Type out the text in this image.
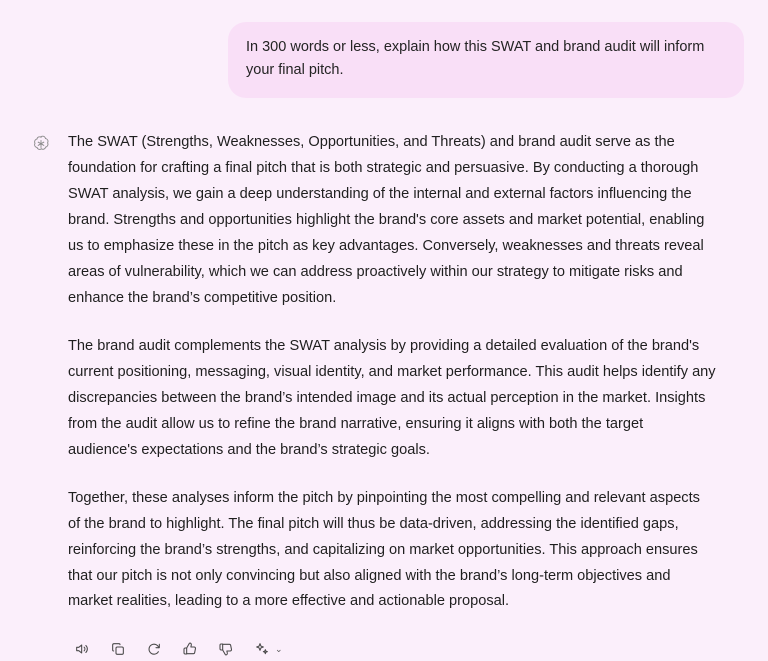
In 300 words or less, explain how this SWAT and brand audit will inform your final pitch.

The SWAT (Strengths, Weaknesses, Opportunities, and Threats) and brand audit serve as the foundation for crafting a final pitch that is both strategic and persuasive. By conducting a thorough SWAT analysis, we gain a deep understanding of the internal and external factors influencing the brand. Strengths and opportunities highlight the brand's core assets and market potential, enabling us to emphasize these in the pitch as key advantages. Conversely, weaknesses and threats reveal areas of vulnerability, which we can address proactively within our strategy to mitigate risks and enhance the brand’s competitive position.

The brand audit complements the SWAT analysis by providing a detailed evaluation of the brand's current positioning, messaging, visual identity, and market performance. This audit helps identify any discrepancies between the brand’s intended image and its actual perception in the market. Insights from the audit allow us to refine the brand narrative, ensuring it aligns with both the target audience's expectations and the brand’s strategic goals.

Together, these analyses inform the pitch by pinpointing the most compelling and relevant aspects of the brand to highlight. The final pitch will thus be data-driven, addressing the identified gaps, reinforcing the brand’s strengths, and capitalizing on market opportunities. This approach ensures that our pitch is not only convincing but also aligned with the brand’s long-term objectives and market realities, leading to a more effective and actionable proposal.

⌄
